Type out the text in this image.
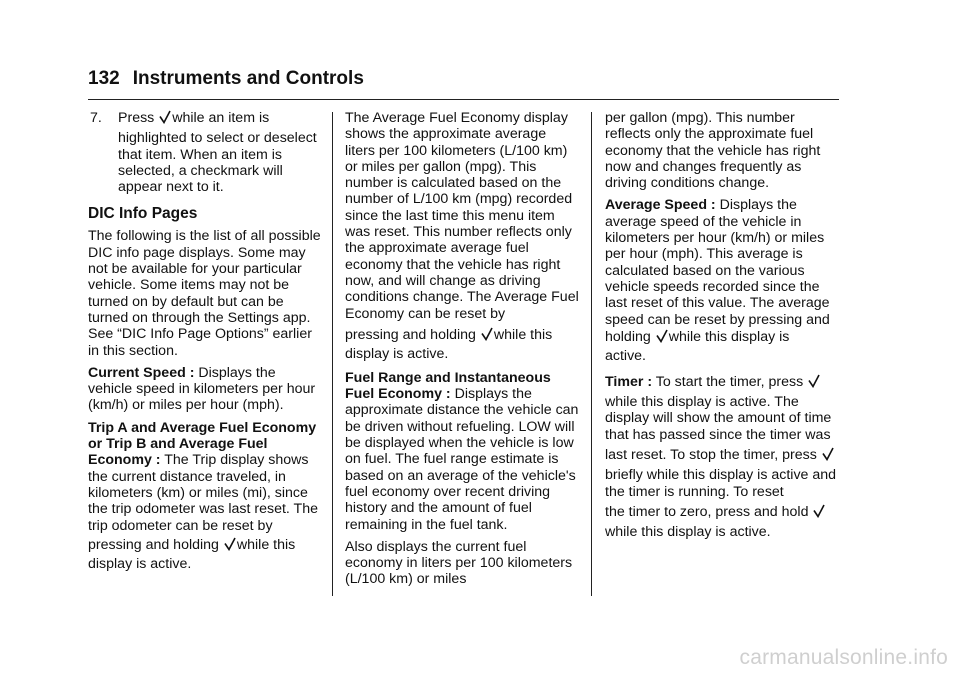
132 Instruments and Controls
7. Press while an item is
highlighted to select or deselect that item. When an item is selected, a checkmark will appear next to it.
DIC Info Pages

The following is the list of all possible DIC info page displays. Some may not be available for your particular vehicle. Some items may not be turned on by default but can be turned on through the Settings app. See “DIC Info Page Options” earlier in this section.

Current Speed : Displays the vehicle speed in kilometers per hour (km/h) or miles per hour (mph).

Trip A and Average Fuel Economy or Trip B and Average Fuel Economy : The Trip display shows the current distance traveled, in kilometers (km) or miles (mi), since the trip odometer was last reset. The trip odometer can be reset by

pressing and holding while this
display is active.

The Average Fuel Economy display shows the approximate average liters per 100 kilometers (L/100 km) or miles per gallon (mpg). This number is calculated based on the number of L/100 km (mpg) recorded since the last time this menu item was reset. This number reflects only the approximate average fuel economy that the vehicle has right now, and will change as driving conditions change. The Average Fuel Economy can be reset by

pressing and holding while this
display is active.

Fuel Range and Instantaneous Fuel Economy : Displays the approximate distance the vehicle can be driven without refueling. LOW will be displayed when the vehicle is low on fuel. The fuel range estimate is based on an average of the vehicle's fuel economy over recent driving history and the amount of fuel remaining in the fuel tank.

Also displays the current fuel economy in liters per 100 kilometers (L/100 km) or miles

per gallon (mpg). This number reflects only the approximate fuel economy that the vehicle has right now and changes frequently as driving conditions change.

Average Speed : Displays the average speed of the vehicle in kilometers per hour (km/h) or miles per hour (mph). This average is calculated based on the various vehicle speeds recorded since the last reset of this value. The average speed can be reset by pressing and

holding while this display is
active.
Timer : To start the timer, press
while this display is active. The display will show the amount of time that has passed since the timer was
last reset. To stop the timer, press
briefly while this display is active and the timer is running. To reset
the timer to zero, press and hold
while this display is active.
carmanualsonline.info
